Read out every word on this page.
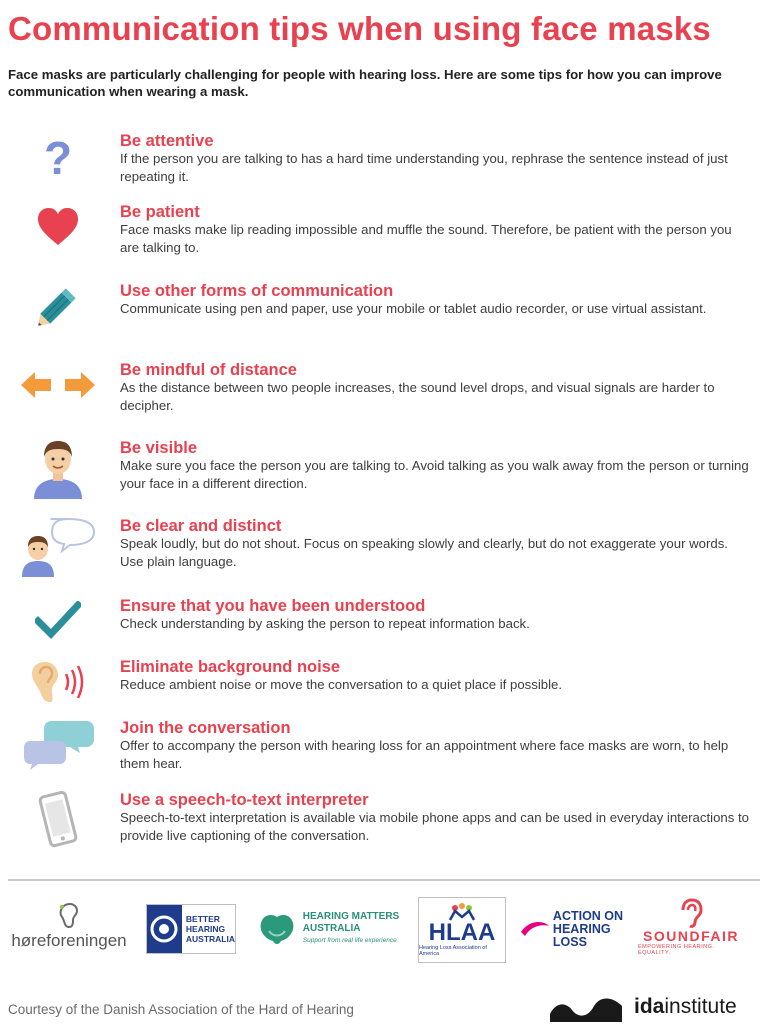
Communication tips when using face masks
Face masks are particularly challenging for people with hearing loss. Here are some tips for how you can improve communication when wearing a mask.
?	Be attentive
If the person you are talking to has a hard time understanding you, rephrase the sentence instead of just repeating it.
Be patient
Face masks make lip reading impossible and muffle the sound. Therefore, be patient with the person you are talking to.
Use other forms of communication
Communicate using pen and paper, use your mobile or tablet audio recorder, or use virtual assistant.
Be mindful of distance
As the distance between two people increases, the sound level drops, and visual signals are harder to decipher.
Be visible
Make sure you face the person you are talking to. Avoid talking as you walk away from the person or turning your face in a different direction.
Be clear and distinct
Speak loudly, but do not shout. Focus on speaking slowly and clearly, but do not exaggerate your words. Use plain language.
Ensure that you have been understood
Check understanding by asking the person to repeat information back.
Eliminate background noise
Reduce ambient noise or move the conversation to a quiet place if possible.
Join the conversation
Offer to accompany the person with hearing loss for an appointment where face masks are worn, to help them hear.
Use a speech-to-text interpreter
Speech-to-text interpretation is available via mobile phone apps and can be used in everyday interactions to provide live captioning of the conversation.
høreforeningen
BETTER
HEARING
AUSTRALIA
HEARING MATTERS
AUSTRALIA
Support from real life experience HLAA
Hearing Loss Association of America
ACTION ON
HEARING
LOSS	SOUNDFAIR
EMPOWERING HEARING. EQUALITY.
Courtesy of the Danish Association of the Hard of Hearing	idainstitute
